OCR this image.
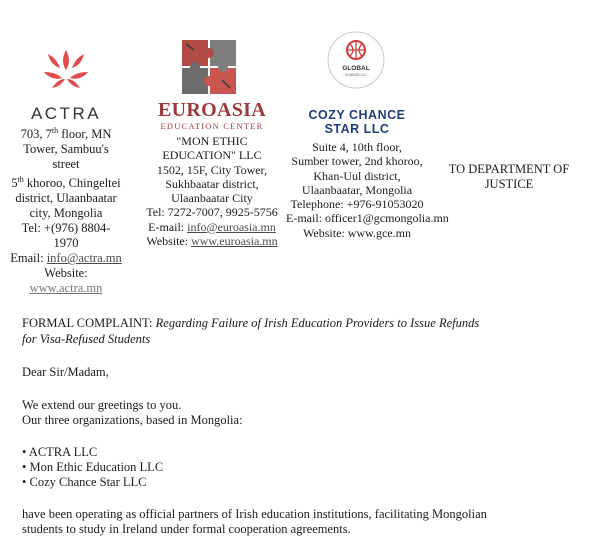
ACTRA
703, 7th floor, MN
Tower, Sambuu's
street
5th khoroo, Chingeltei
district, Ulaanbaatar
city, Mongolia
Tel: +(976) 8804-
1970
Email: info@actra.mn
Website:
www.actra.mn
EUROASIA
EDUCATION CENTER
"MON ETHIC
EDUCATION" LLC
1502, 15F, City Tower,
Sukhbaatar district,
Ulaanbaatar City
Tel: 7272-7007, 9925-5756
E-mail: info@euroasia.mn
Website: www.euroasia.mn
GLOBAL
CHANCE LLC
COZY CHANCE
STAR LLC
Suite 4, 10th floor,
Sumber tower, 2nd khoroo,
Khan-Uul district,
Ulaanbaatar, Mongolia
Telephone: +976-91053020
E-mail: officer1@gcmongolia.mn
Website: www.gce.mn
TO DEPARTMENT OF
JUSTICE
FORMAL COMPLAINT: Regarding Failure of Irish Education Providers to Issue Refunds
for Visa-Refused Students
Dear Sir/Madam,
We extend our greetings to you.
Our three organizations, based in Mongolia:
• ACTRA LLC
• Mon Ethic Education LLC
• Cozy Chance Star LLC
have been operating as official partners of Irish education institutions, facilitating Mongolian
students to study in Ireland under formal cooperation agreements.
